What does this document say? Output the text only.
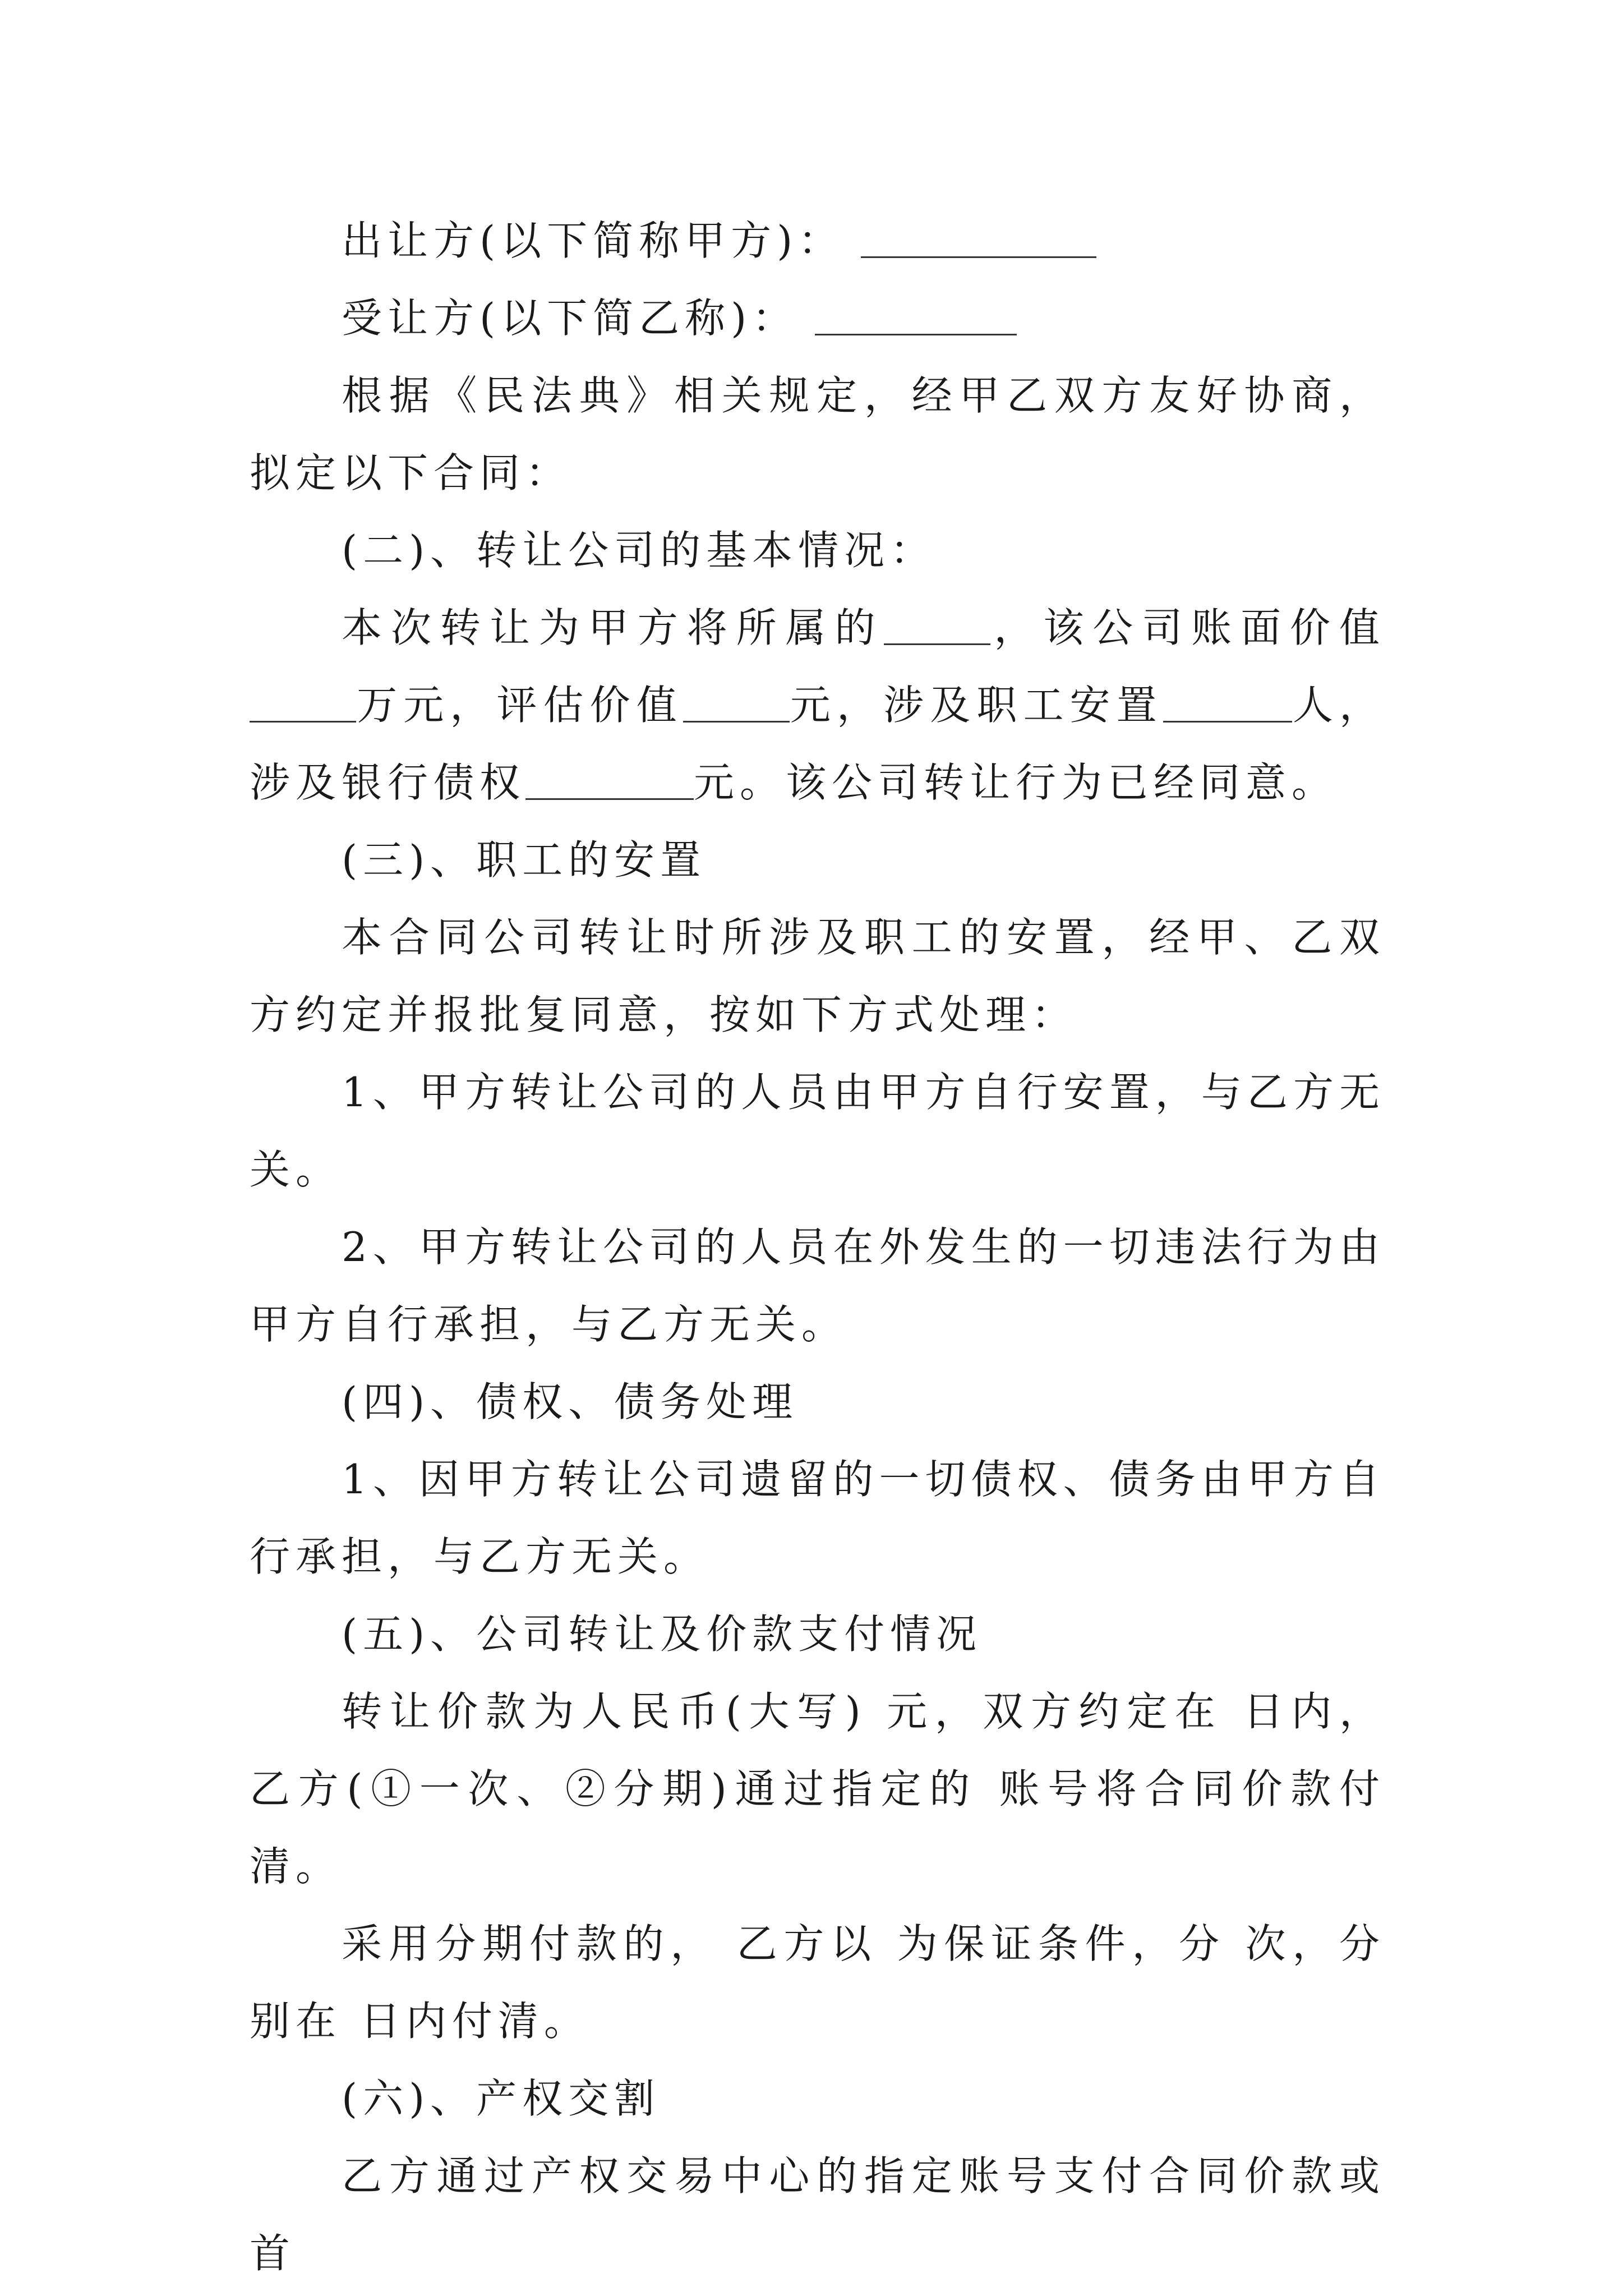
出让方(以下简称甲方)：

受让方(以下简乙称)：

根据《民法典》相关规定，经甲乙双方友好协商，拟定以下合同：

(二)、转让公司的基本情况：

本次转让为甲方将所属的	，该公司账面价值万元，评估价值	元，涉及职工安置	人，涉及银行债权	元。该公司转让行为已经同意。

(三)、职工的安置

本合同公司转让时所涉及职工的安置，经甲、乙双方约定并报批复同意，按如下方式处理：

1、甲方转让公司的人员由甲方自行安置，与乙方无关。

2、甲方转让公司的人员在外发生的一切违法行为由甲方自行承担，与乙方无关。

(四)、债权、债务处理

1、因甲方转让公司遗留的一切债权、债务由甲方自行承担，与乙方无关。

(五)、公司转让及价款支付情况

转让价款为人民币(大写) 元，双方约定在 日内，乙方(①一次、②分期)通过指定的 账号将合同价款付清。

采用分期付款的， 乙方以 为保证条件，分 次，分别在 日内付清。

(六)、产权交割

乙方通过产权交易中心的指定账号支付合同价款或首
